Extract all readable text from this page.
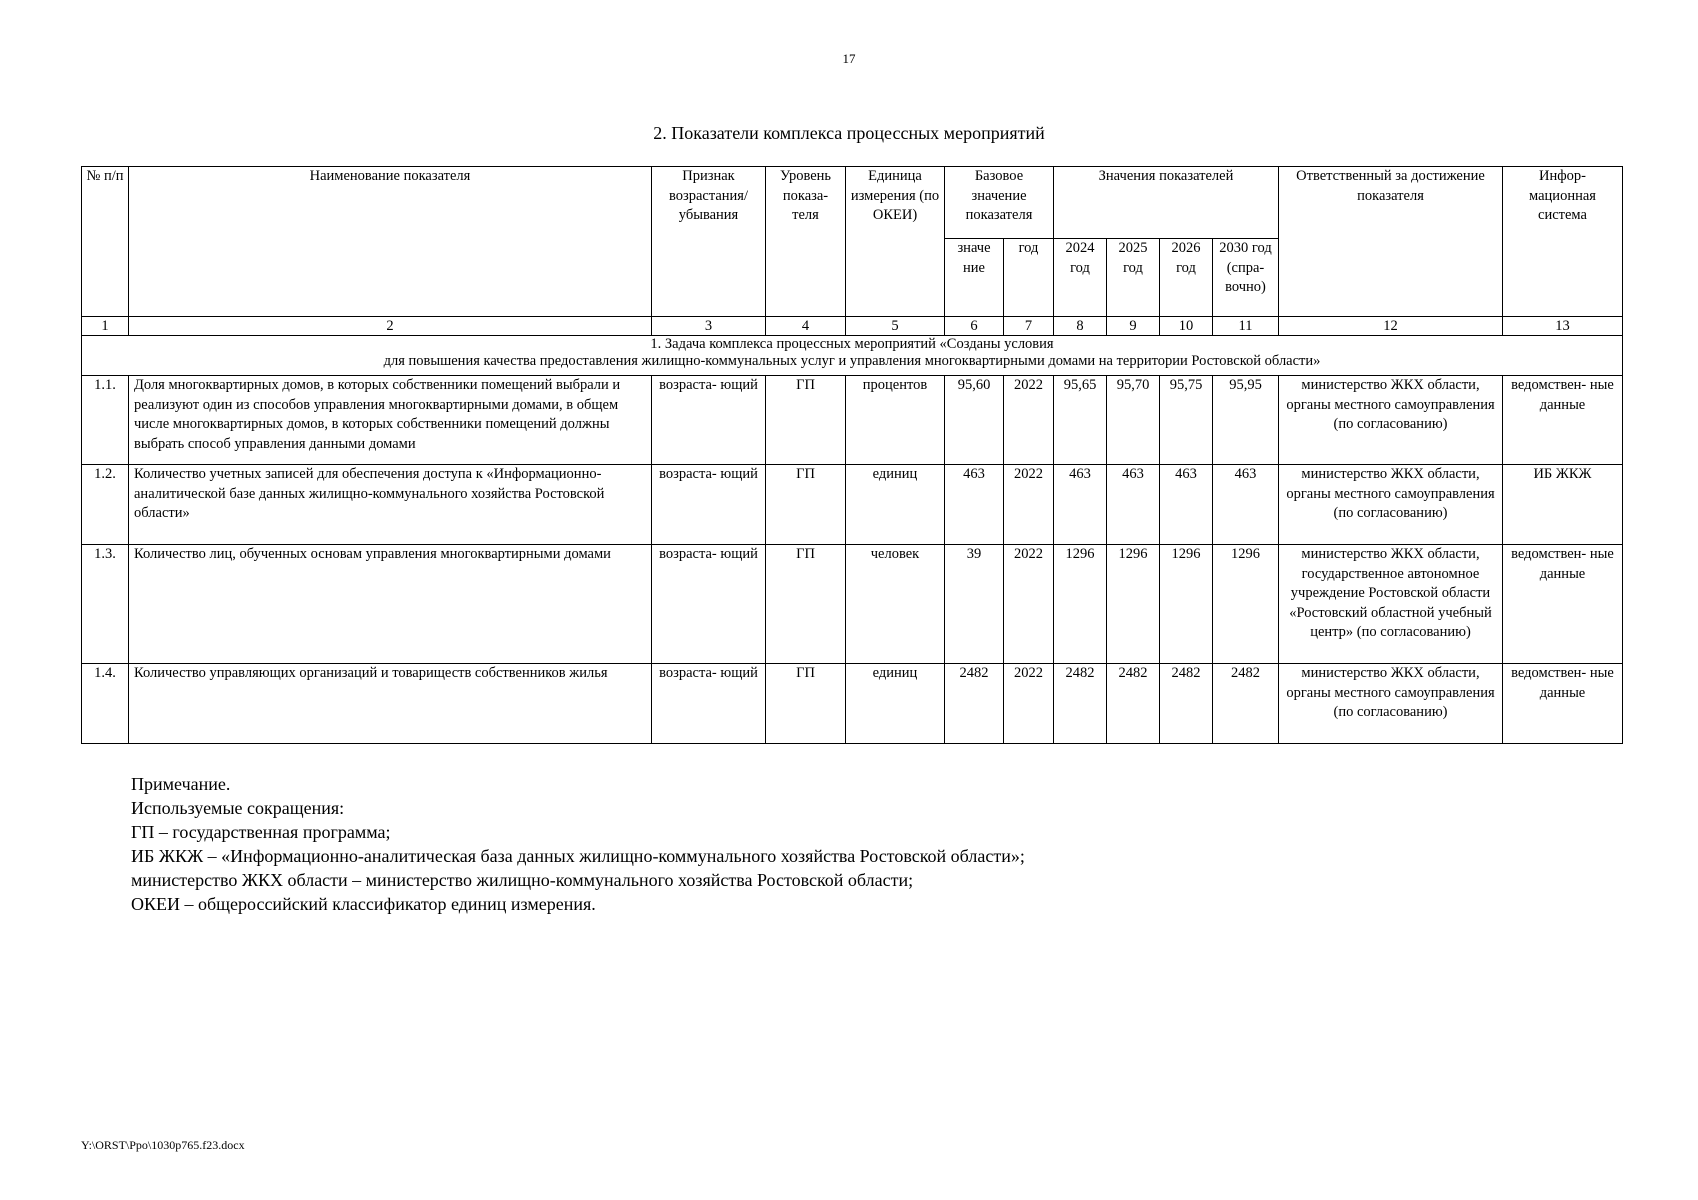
17
2. Показатели комплекса процессных мероприятий
№ п/п	Наименование показателя	Признак возрастания/ убывания	Уровень показа- теля	Единица измерения (по ОКЕИ)	Базовое значение показателя		Значения показателей				Ответственный за достижение показателя	Инфор- мационная система
					значе ние	год	2024 год	2025 год	2026 год	2030 год (спра- вочно)		
1	2	3	4	5	6	7	8	9	10	11	12	13

1. Задача комплекса процессных мероприятий «Созданы условия
для повышения качества предоставления жилищно-коммунальных услуг и управления многоквартирными домами на территории Ростовской области»												

1.1.	Доля многоквартирных домов, в которых собственники помещений выбрали и реализуют один из способов управления многоквартирными домами, в общем числе многоквартирных домов, в которых собственники помещений должны выбрать способ управления данными домами	возраста- ющий	ГП	процентов	95,60	2022	95,65	95,70	95,75	95,95	министерство ЖКХ области, органы местного самоуправления (по согласованию)	ведомствен- ные данные
1.2.	Количество учетных записей для обеспечения доступа к «Информационно-аналитической базе данных жилищно-коммунального хозяйства Ростовской области»	возраста- ющий	ГП	единиц	463	2022	463	463	463	463	министерство ЖКХ области, органы местного самоуправления (по согласованию)	ИБ ЖКЖ
1.3.	Количество лиц, обученных основам управления многоквартирными домами	возраста- ющий	ГП	человек	39	2022	1296	1296	1296	1296	министерство ЖКХ области, государственное автономное учреждение Ростовской области «Ростовский областной учебный центр» (по согласованию)	ведомствен- ные данные
1.4.	Количество управляющих организаций и товариществ собственников жилья	возраста- ющий	ГП	единиц	2482	2022	2482	2482	2482	2482	министерство ЖКХ области, органы местного самоуправления (по согласованию)	ведомствен- ные данные
Примечание.
Используемые сокращения:
ГП – государственная программа;
ИБ ЖКЖ – «Информационно-аналитическая база данных жилищно-коммунального хозяйства Ростовской области»;
министерство ЖКХ области – министерство жилищно-коммунального хозяйства Ростовской области;
ОКЕИ – общероссийский классификатор единиц измерения.
Y:\ORST\Ppo\1030p765.f23.docx
